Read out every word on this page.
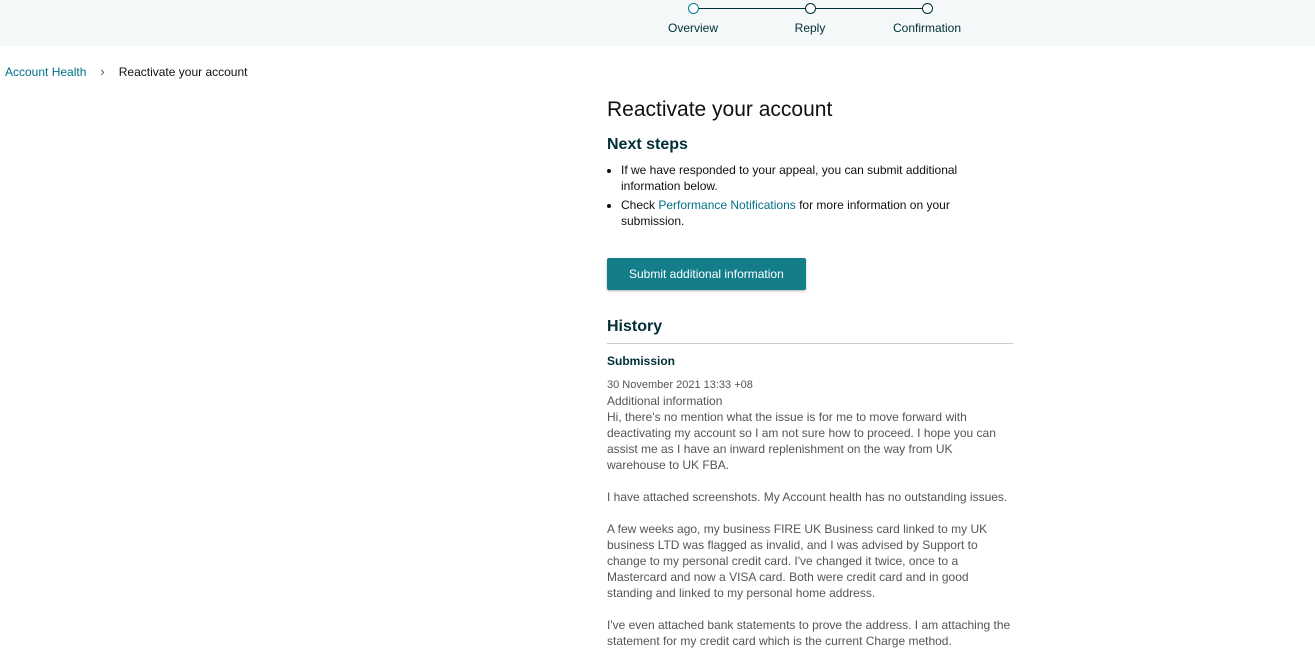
Overview	Reply	Confirmation
Account Health › Reactivate your account
Reactivate your account
Next steps
• If we have responded to your appeal, you can submit additional information below.
• Check Performance Notifications for more information on your submission.
Submit additional information
History
Submission
30 November 2021 13:33 +08
Additional information

Hi, there's no mention what the issue is for me to move forward with deactivating my account so I am not sure how to proceed. I hope you can assist me as I have an inward replenishment on the way from UK warehouse to UK FBA.

I have attached screenshots. My Account health has no outstanding issues.

A few weeks ago, my business FIRE UK Business card linked to my UK business LTD was flagged as invalid, and I was advised by Support to change to my personal credit card. I've changed it twice, once to a Mastercard and now a VISA card. Both were credit card and in good standing and linked to my personal home address.

I've even attached bank statements to prove the address. I am attaching the statement for my credit card which is the current Charge method.
